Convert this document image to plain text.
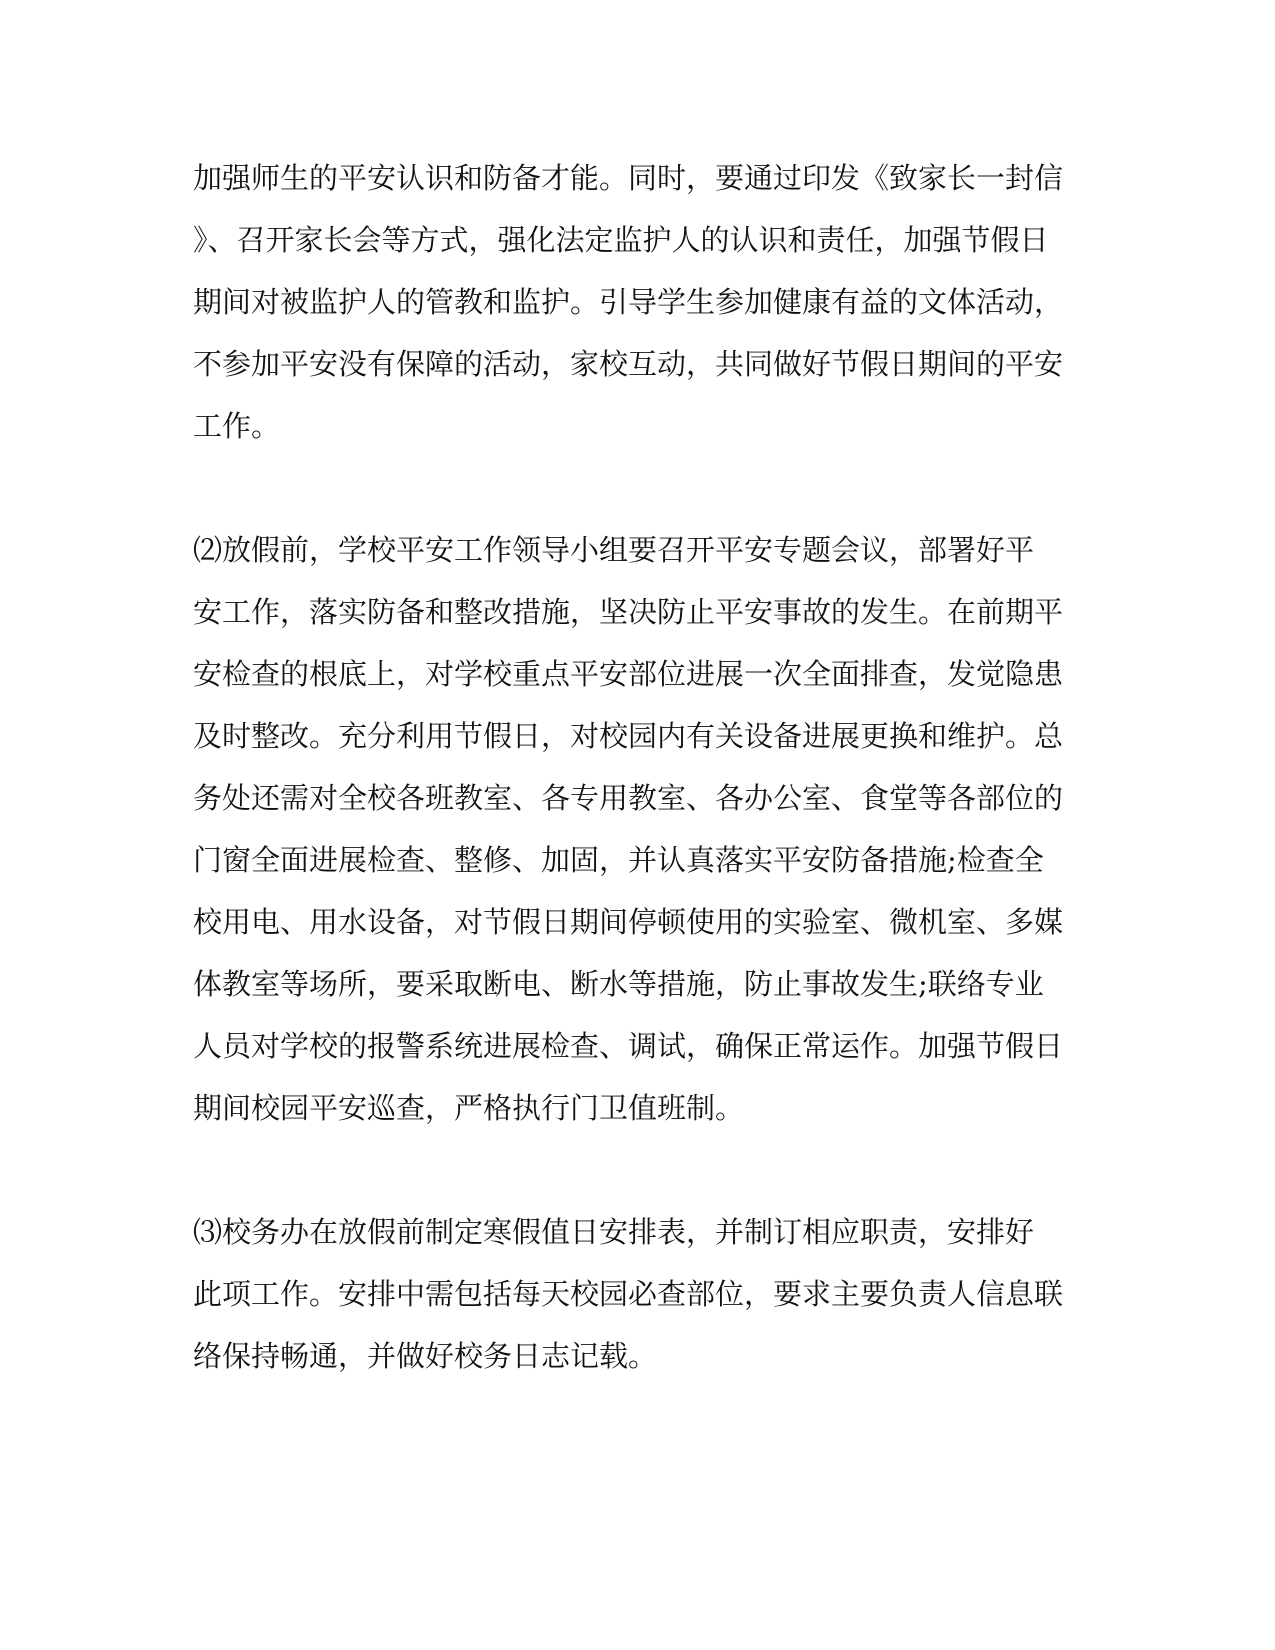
加强师生的平安认识和防备才能。同时，要通过印发《致家长一封信
》、召开家长会等方式，强化法定监护人的认识和责任，加强节假日
期间对被监护人的管教和监护。引导学生参加健康有益的文体活动，
不参加平安没有保障的活动，家校互动，共同做好节假日期间的平安
工作。
⑵放假前，学校平安工作领导小组要召开平安专题会议，部署好平
安工作，落实防备和整改措施，坚决防止平安事故的发生。在前期平
安检查的根底上，对学校重点平安部位进展一次全面排查，发觉隐患
及时整改。充分利用节假日，对校园内有关设备进展更换和维护。总
务处还需对全校各班教室、各专用教室、各办公室、食堂等各部位的
门窗全面进展检查、整修、加固，并认真落实平安防备措施;检查全
校用电、用水设备，对节假日期间停顿使用的实验室、微机室、多媒
体教室等场所，要采取断电、断水等措施，防止事故发生;联络专业
人员对学校的报警系统进展检查、调试，确保正常运作。加强节假日
期间校园平安巡查，严格执行门卫值班制。
⑶校务办在放假前制定寒假值日安排表，并制订相应职责，安排好
此项工作。安排中需包括每天校园必查部位，要求主要负责人信息联
络保持畅通，并做好校务日志记载。
